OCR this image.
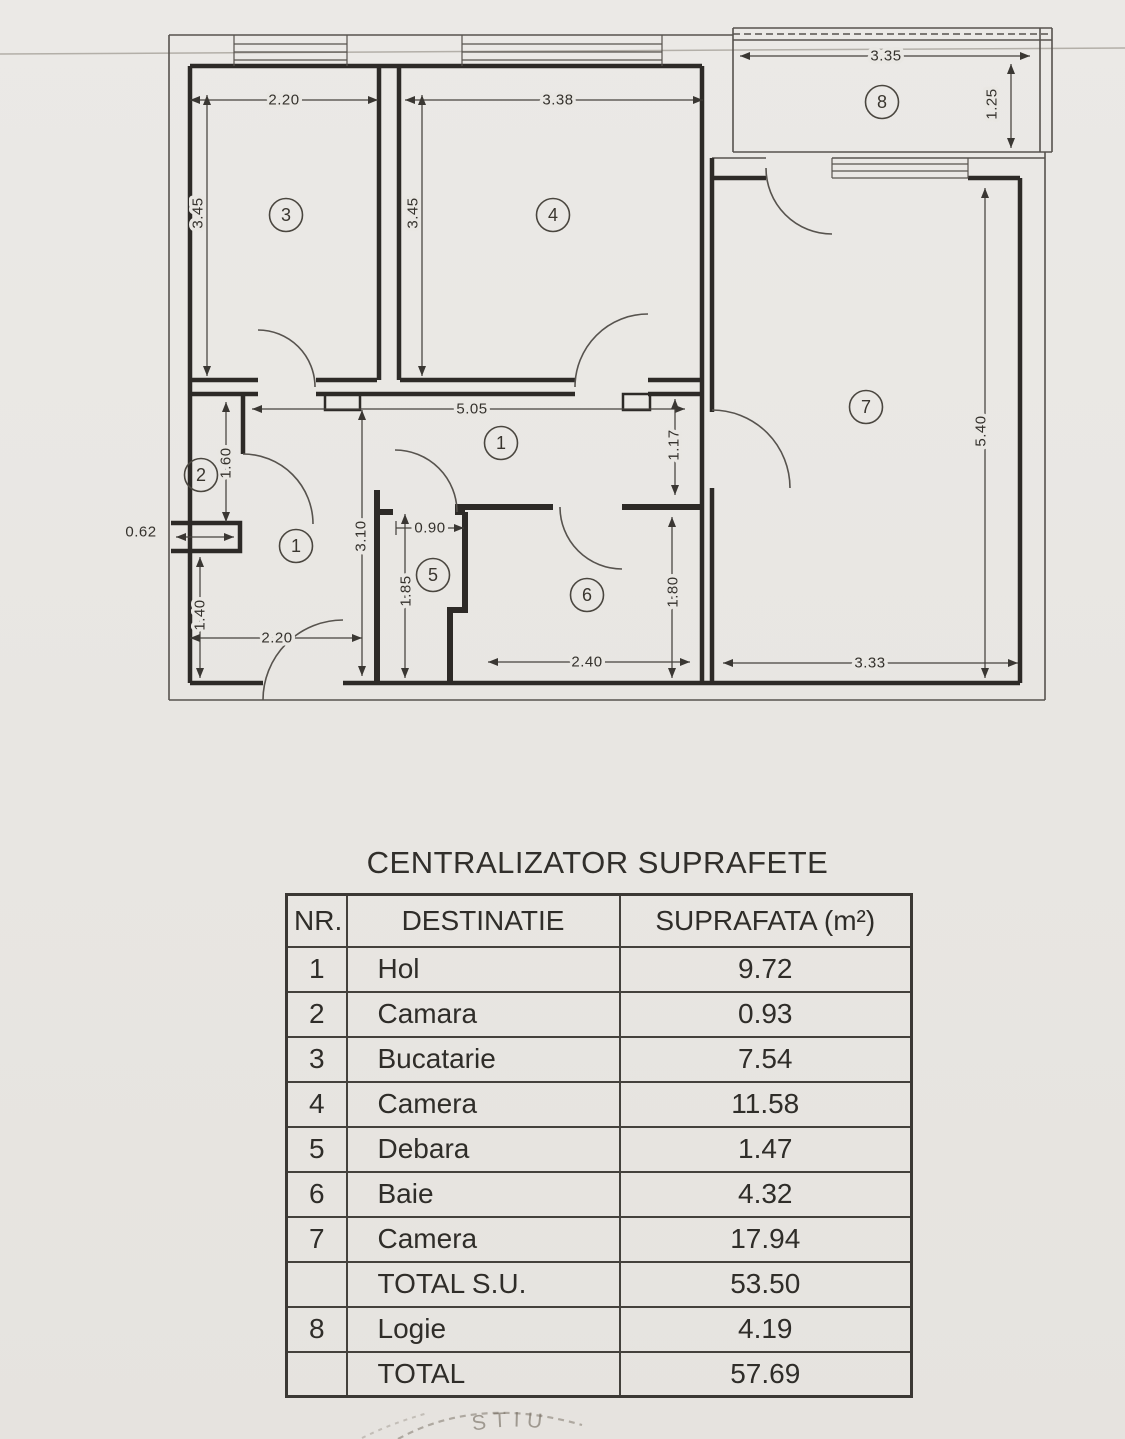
2.20	3.38
3.35
1.25
3.45	3.45
5.05
1.17	5.40
3.33
1.60
0.62	3.10	0.90
1.85	1.80
1.40
2.20
2.40
3	4
8
1
2
1
5
6
7
CENTRALIZATOR SUPRAFETE
NR.	DESTINATIE	SUPRAFATA (m²)
1	Hol	9.72
2	Camara	0.93
3	Bucatarie	7.54
4	Camera	11.58
5	Debara	1.47
6	Baie	4.32
7	Camera	17.94
	TOTAL S.U.	53.50
8	Logie	4.19
	TOTAL	57.69
STIU
